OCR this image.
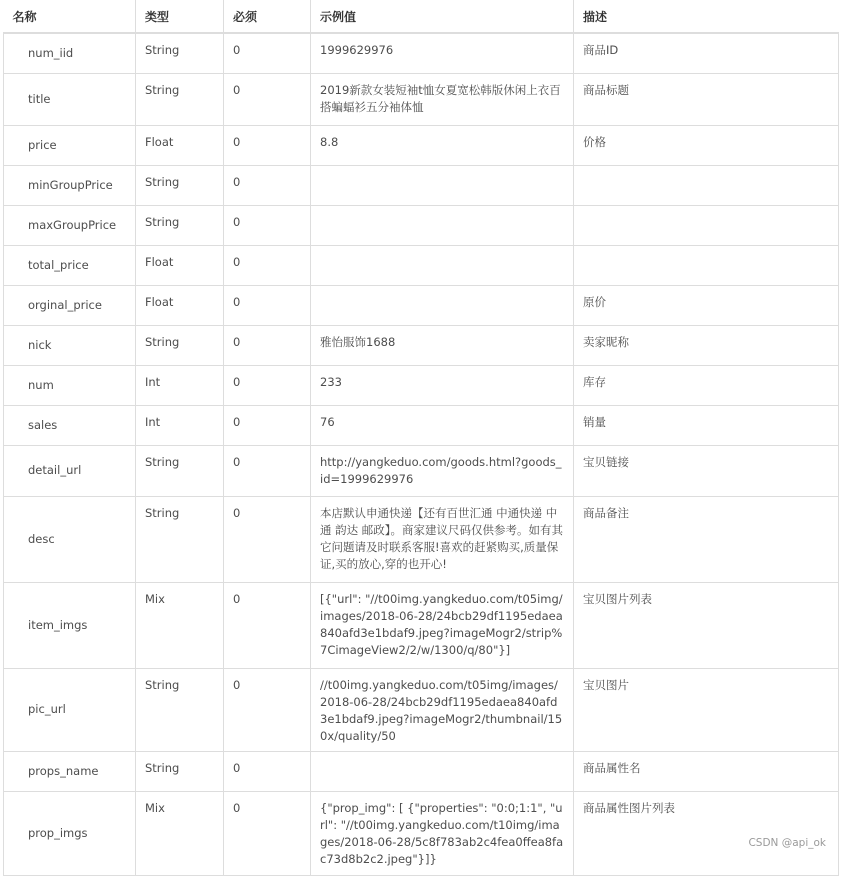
名称	类型	必须	示例值	描述
num_iid	String	0	1999629976	商品ID
title	String	0	2019新款女装短袖t恤女夏宽松韩版休闲上衣百搭蝙蝠衫五分袖体恤	商品标题
price	Float	0	8.8	价格
minGroupPrice	String	0		
maxGroupPrice	String	0		
total_price	Float	0		
orginal_price	Float	0		原价
nick	String	0	雅怡服饰1688	卖家昵称
num	Int	0	233	库存
sales	Int	0	76	销量
detail_url	String	0	http://yangkeduo.com/goods.html?goods_id=1999629976	宝贝链接
desc	String	0	本店默认申通快递【还有百世汇通 中通快递 中通 韵达 邮政】。商家建议尺码仅供参考。如有其它问题请及时联系客服!喜欢的赶紧购买,质量保证,买的放心,穿的也开心!	商品备注
item_imgs	Mix	0	[{"url": "//t00img.yangkeduo.com/t05img/images/2018-06-28/24bcb29df1195edaea840afd3e1bdaf9.jpeg?imageMogr2/strip%7CimageView2/2/w/1300/q/80"}]	宝贝图片列表
pic_url	String	0	//t00img.yangkeduo.com/t05img/images/2018-06-28/24bcb29df1195edaea840afd3e1bdaf9.jpeg?imageMogr2/thumbnail/150x/quality/50	宝贝图片
props_name	String	0		商品属性名
prop_imgs	Mix	0	{"prop_img": [ {"properties": "0:0;1:1", "url": "//t00img.yangkeduo.com/t10img/images/2018-06-28/5c8f783ab2c4fea0ffea8fac73d8b2c2.jpeg"}]}	商品属性图片列表
CSDN @api_ok
